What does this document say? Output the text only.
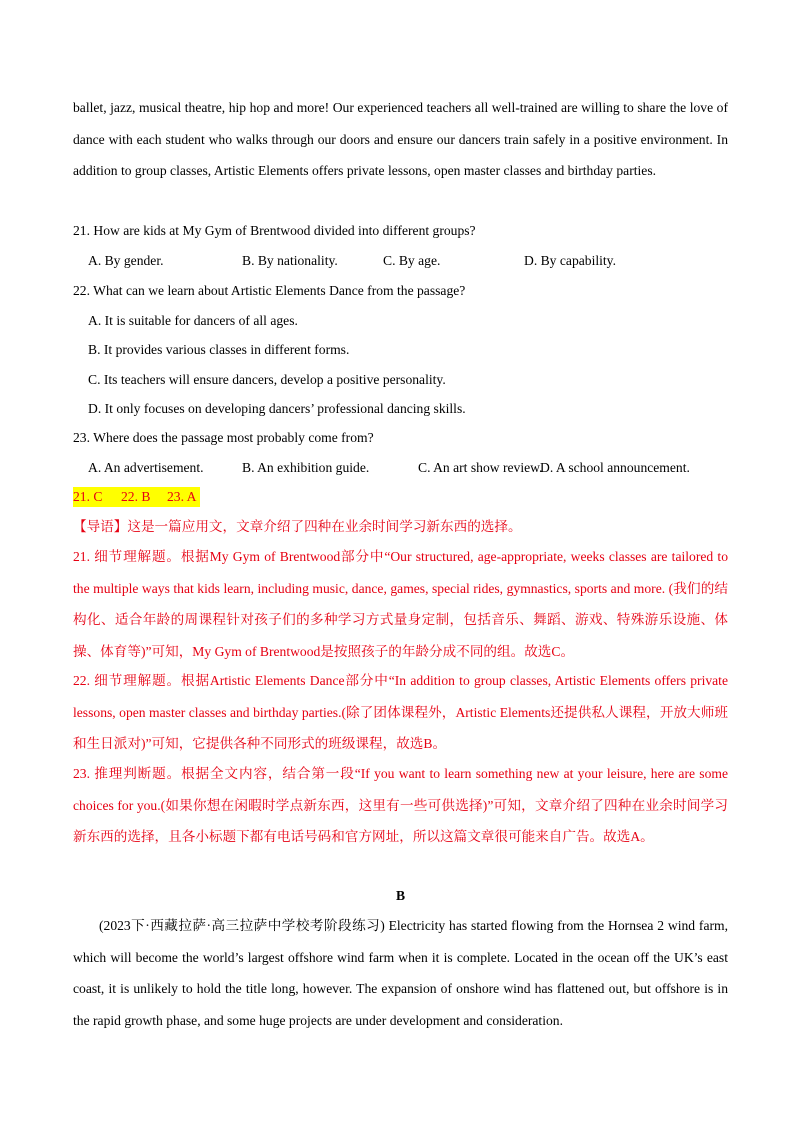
ballet, jazz, musical theatre, hip hop and more! Our experienced teachers all well-trained are willing to share the love of dance with each student who walks through our doors and ensure our dancers train safely in a positive environment. In addition to group classes, Artistic Elements offers private lessons, open master classes and birthday parties.
21. How are kids at My Gym of Brentwood divided into different groups?
A. By gender.	B. By nationality.	C. By age.	D. By capability.
22. What can we learn about Artistic Elements Dance from the passage?
A. It is suitable for dancers of all ages.
B. It provides various classes in different forms.
C. Its teachers will ensure dancers, develop a positive personality.
D. It only focuses on developing dancers’ professional dancing skills.
23. Where does the passage most probably come from?
A. An advertisement.	B. An exhibition guide.	C. An art show review.
D. A school announcement.
21. C 22. B 23. A
【导语】这是一篇应用文，文章介绍了四种在业余时间学习新东西的选择。
21. 细节理解题。根据My Gym of Brentwood部分中“Our structured, age-appropriate, weeks classes are tailored to the multiple ways that kids learn, including music, dance, games, special rides, gymnastics, sports and more. (我们的结构化、适合年龄的周课程针对孩子们的多种学习方式量身定制，包括音乐、舞蹈、游戏、特殊游乐设施、体操、体育等)”可知，My Gym of Brentwood是按照孩子的年龄分成不同的组。故选C。
22. 细节理解题。根据Artistic Elements Dance部分中“In addition to group classes, Artistic Elements offers private lessons, open master classes and birthday parties.(除了团体课程外，Artistic Elements还提供私人课程，开放大师班和生日派对)”可知，它提供各种不同形式的班级课程，故选B。
23. 推理判断题。根据全文内容，结合第一段“If you want to learn something new at your leisure, here are some choices for you.(如果你想在闲暇时学点新东西，这里有一些可供选择)”可知，文章介绍了四种在业余时间学习新东西的选择，且各小标题下都有电话号码和官方网址，所以这篇文章很可能来自广告。故选A。
B
(2023下·西藏拉萨·高三拉萨中学校考阶段练习) Electricity has started flowing from the Hornsea 2 wind farm, which will become the world’s largest offshore wind farm when it is complete. Located in the ocean off the UK’s east coast, it is unlikely to hold the title long, however. The expansion of onshore wind has flattened out, but offshore is in the rapid growth phase, and some huge projects are under development and consideration.
